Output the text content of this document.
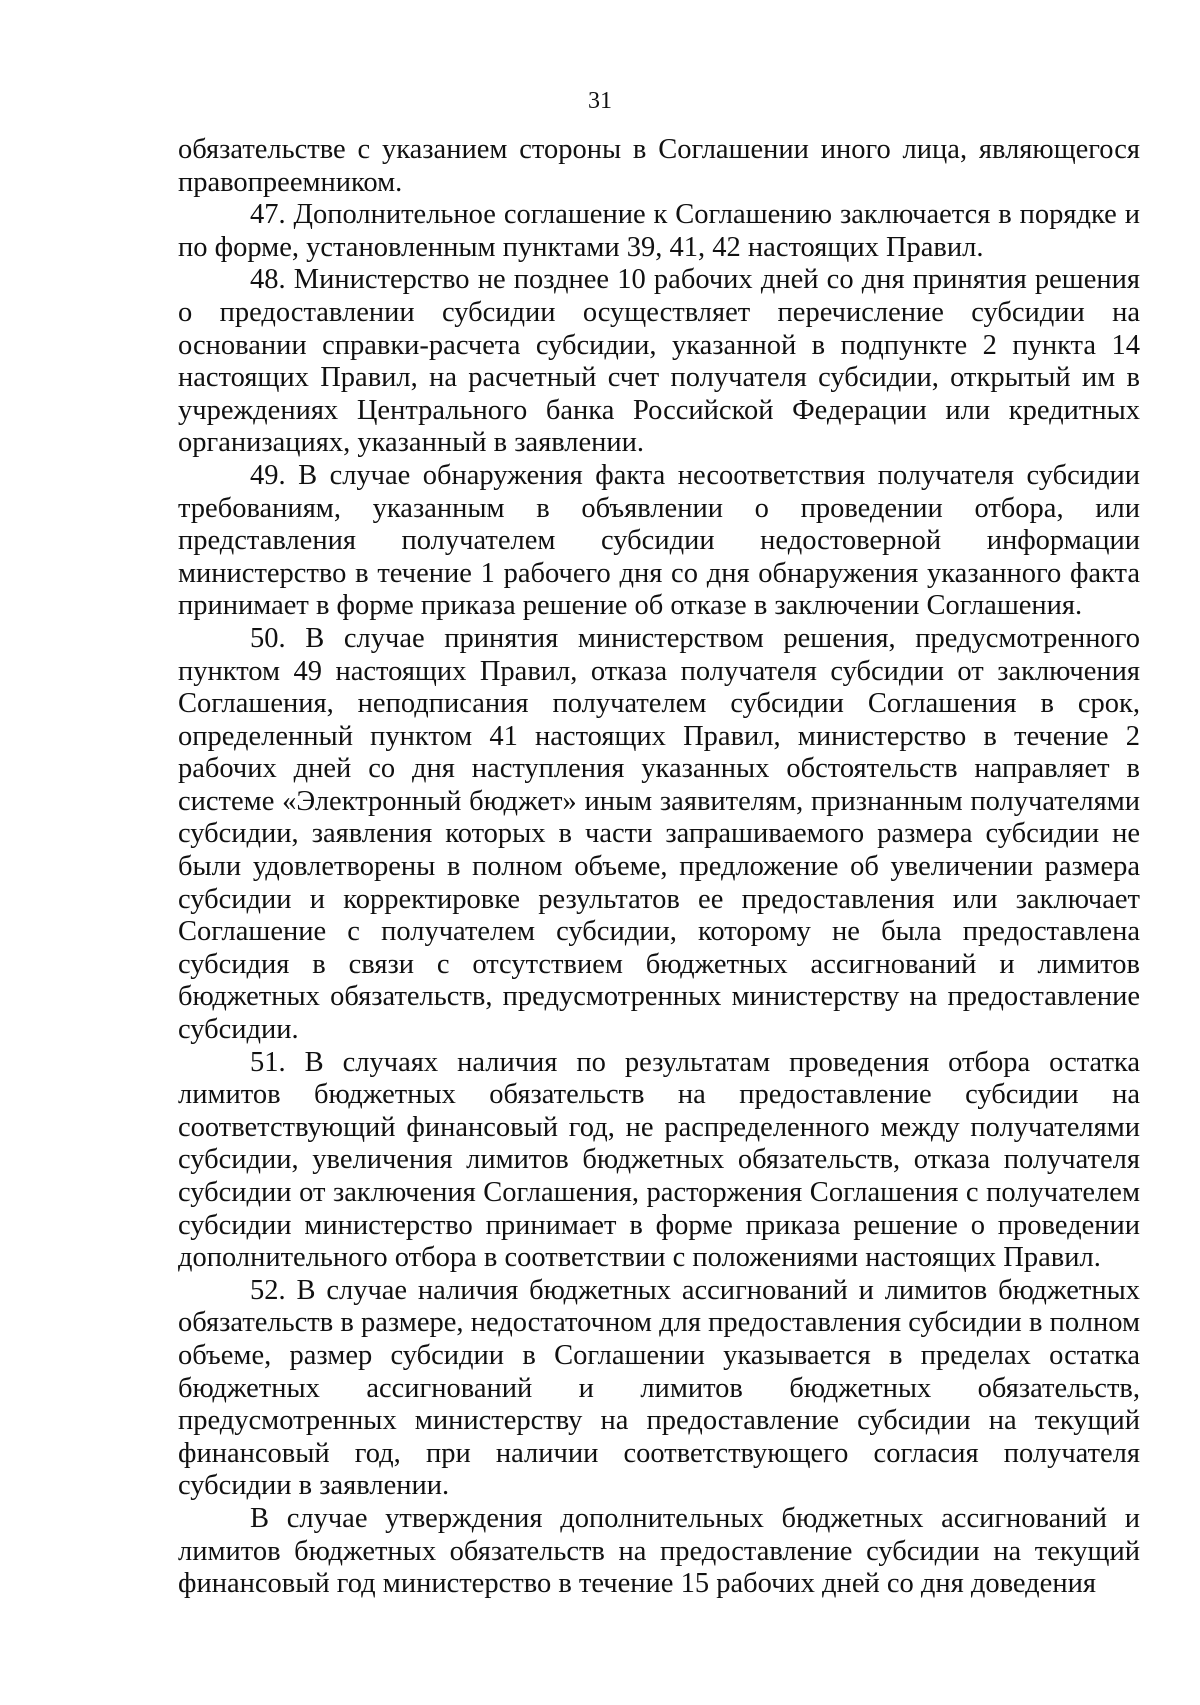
31

обязательстве с указанием стороны в Соглашении иного лица, являющегося правопреемником.

47. Дополнительное соглашение к Соглашению заключается в порядке и по форме, установленным пунктами 39, 41, 42 настоящих Правил.

48. Министерство не позднее 10 рабочих дней со дня принятия решения о предоставлении субсидии осуществляет перечисление субсидии на основании справки-расчета субсидии, указанной в подпункте 2 пункта 14 настоящих Правил, на расчетный счет получателя субсидии, открытый им в учреждениях Центрального банка Российской Федерации или кредитных организациях, указанный в заявлении.

49. В случае обнаружения факта несоответствия получателя субсидии требованиям, указанным в объявлении о проведении отбора, или представления получателем субсидии недостоверной информации министерство в течение 1 рабочего дня со дня обнаружения указанного факта принимает в форме приказа решение об отказе в заключении Соглашения.

50. В случае принятия министерством решения, предусмотренного пунктом 49 настоящих Правил, отказа получателя субсидии от заключения Соглашения, неподписания получателем субсидии Соглашения в срок, определенный пунктом 41 настоящих Правил, министерство в течение 2 рабочих дней со дня наступления указанных обстоятельств направляет в системе «Электронный бюджет» иным заявителям, признанным получателями субсидии, заявления которых в части запрашиваемого размера субсидии не были удовлетворены в полном объеме, предложение об увеличении размера субсидии и корректировке результатов ее предоставления или заключает Соглашение с получателем субсидии, которому не была предоставлена субсидия в связи с отсутствием бюджетных ассигнований и лимитов бюджетных обязательств, предусмотренных министерству на предоставление субсидии.

51. В случаях наличия по результатам проведения отбора остатка лимитов бюджетных обязательств на предоставление субсидии на соответствующий финансовый год, не распределенного между получателями субсидии, увеличения лимитов бюджетных обязательств, отказа получателя субсидии от заключения Соглашения, расторжения Соглашения с получателем субсидии министерство принимает в форме приказа решение о проведении дополнительного отбора в соответствии с положениями настоящих Правил.

52. В случае наличия бюджетных ассигнований и лимитов бюджетных обязательств в размере, недостаточном для предоставления субсидии в полном объеме, размер субсидии в Соглашении указывается в пределах остатка бюджетных ассигнований и лимитов бюджетных обязательств, предусмотренных министерству на предоставление субсидии на текущий финансовый год, при наличии соответствующего согласия получателя субсидии в заявлении.

В случае утверждения дополнительных бюджетных ассигнований и лимитов бюджетных обязательств на предоставление субсидии на текущий финансовый год министерство в течение 15 рабочих дней со дня доведения
